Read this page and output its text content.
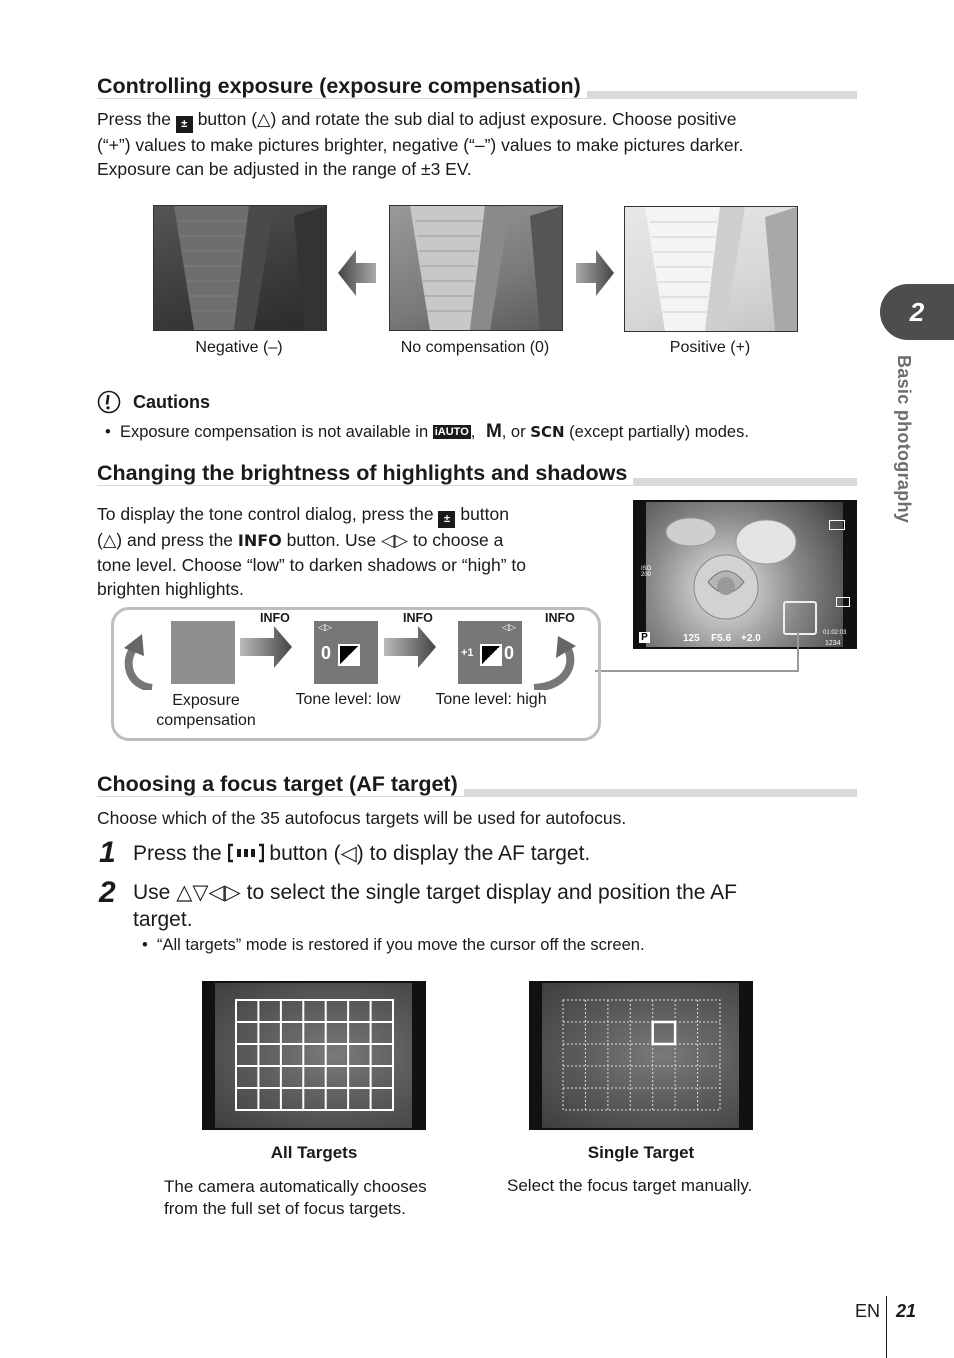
Controlling exposure (exposure compensation)
Press the ± button (△) and rotate the sub dial to adjust exposure. Choose positive
(“+”) values to make pictures brighter, negative (“–”) values to make pictures darker.
Exposure can be adjusted in the range of ±3 EV.
Negative (–)	No compensation (0)	Positive (+)
Cautions
•  Exposure compensation is not available in iAUTO , M, or SCN (except partially) modes.
Changing the brightness of highlights and shadows
To display the tone control dialog, press the ± button
(△) and press the INFO button. Use ◁▷ to choose a
tone level. Choose “low” to darken shadows or “high” to
brighten highlights.
P	125 F5.6 +2.0
ISO 200
1234
01:02:03
◁▷
0
◁▷
+1 0
INFO	INFO	INFO
Exposure
compensation
Tone level: low	Tone level: high
Choosing a focus target (AF target)
Choose which of the 35 autofocus targets will be used for autofocus.
1 Press the button (◁) to display the AF target.
2 Use △▽◁▷ to select the single target display and position the AF
target.
•  “All targets” mode is restored if you move the cursor off the screen.
All Targets
The camera automatically chooses
from the full set of focus targets.
Single Target
Select the focus target manually.
2
Basic photography
EN 21
